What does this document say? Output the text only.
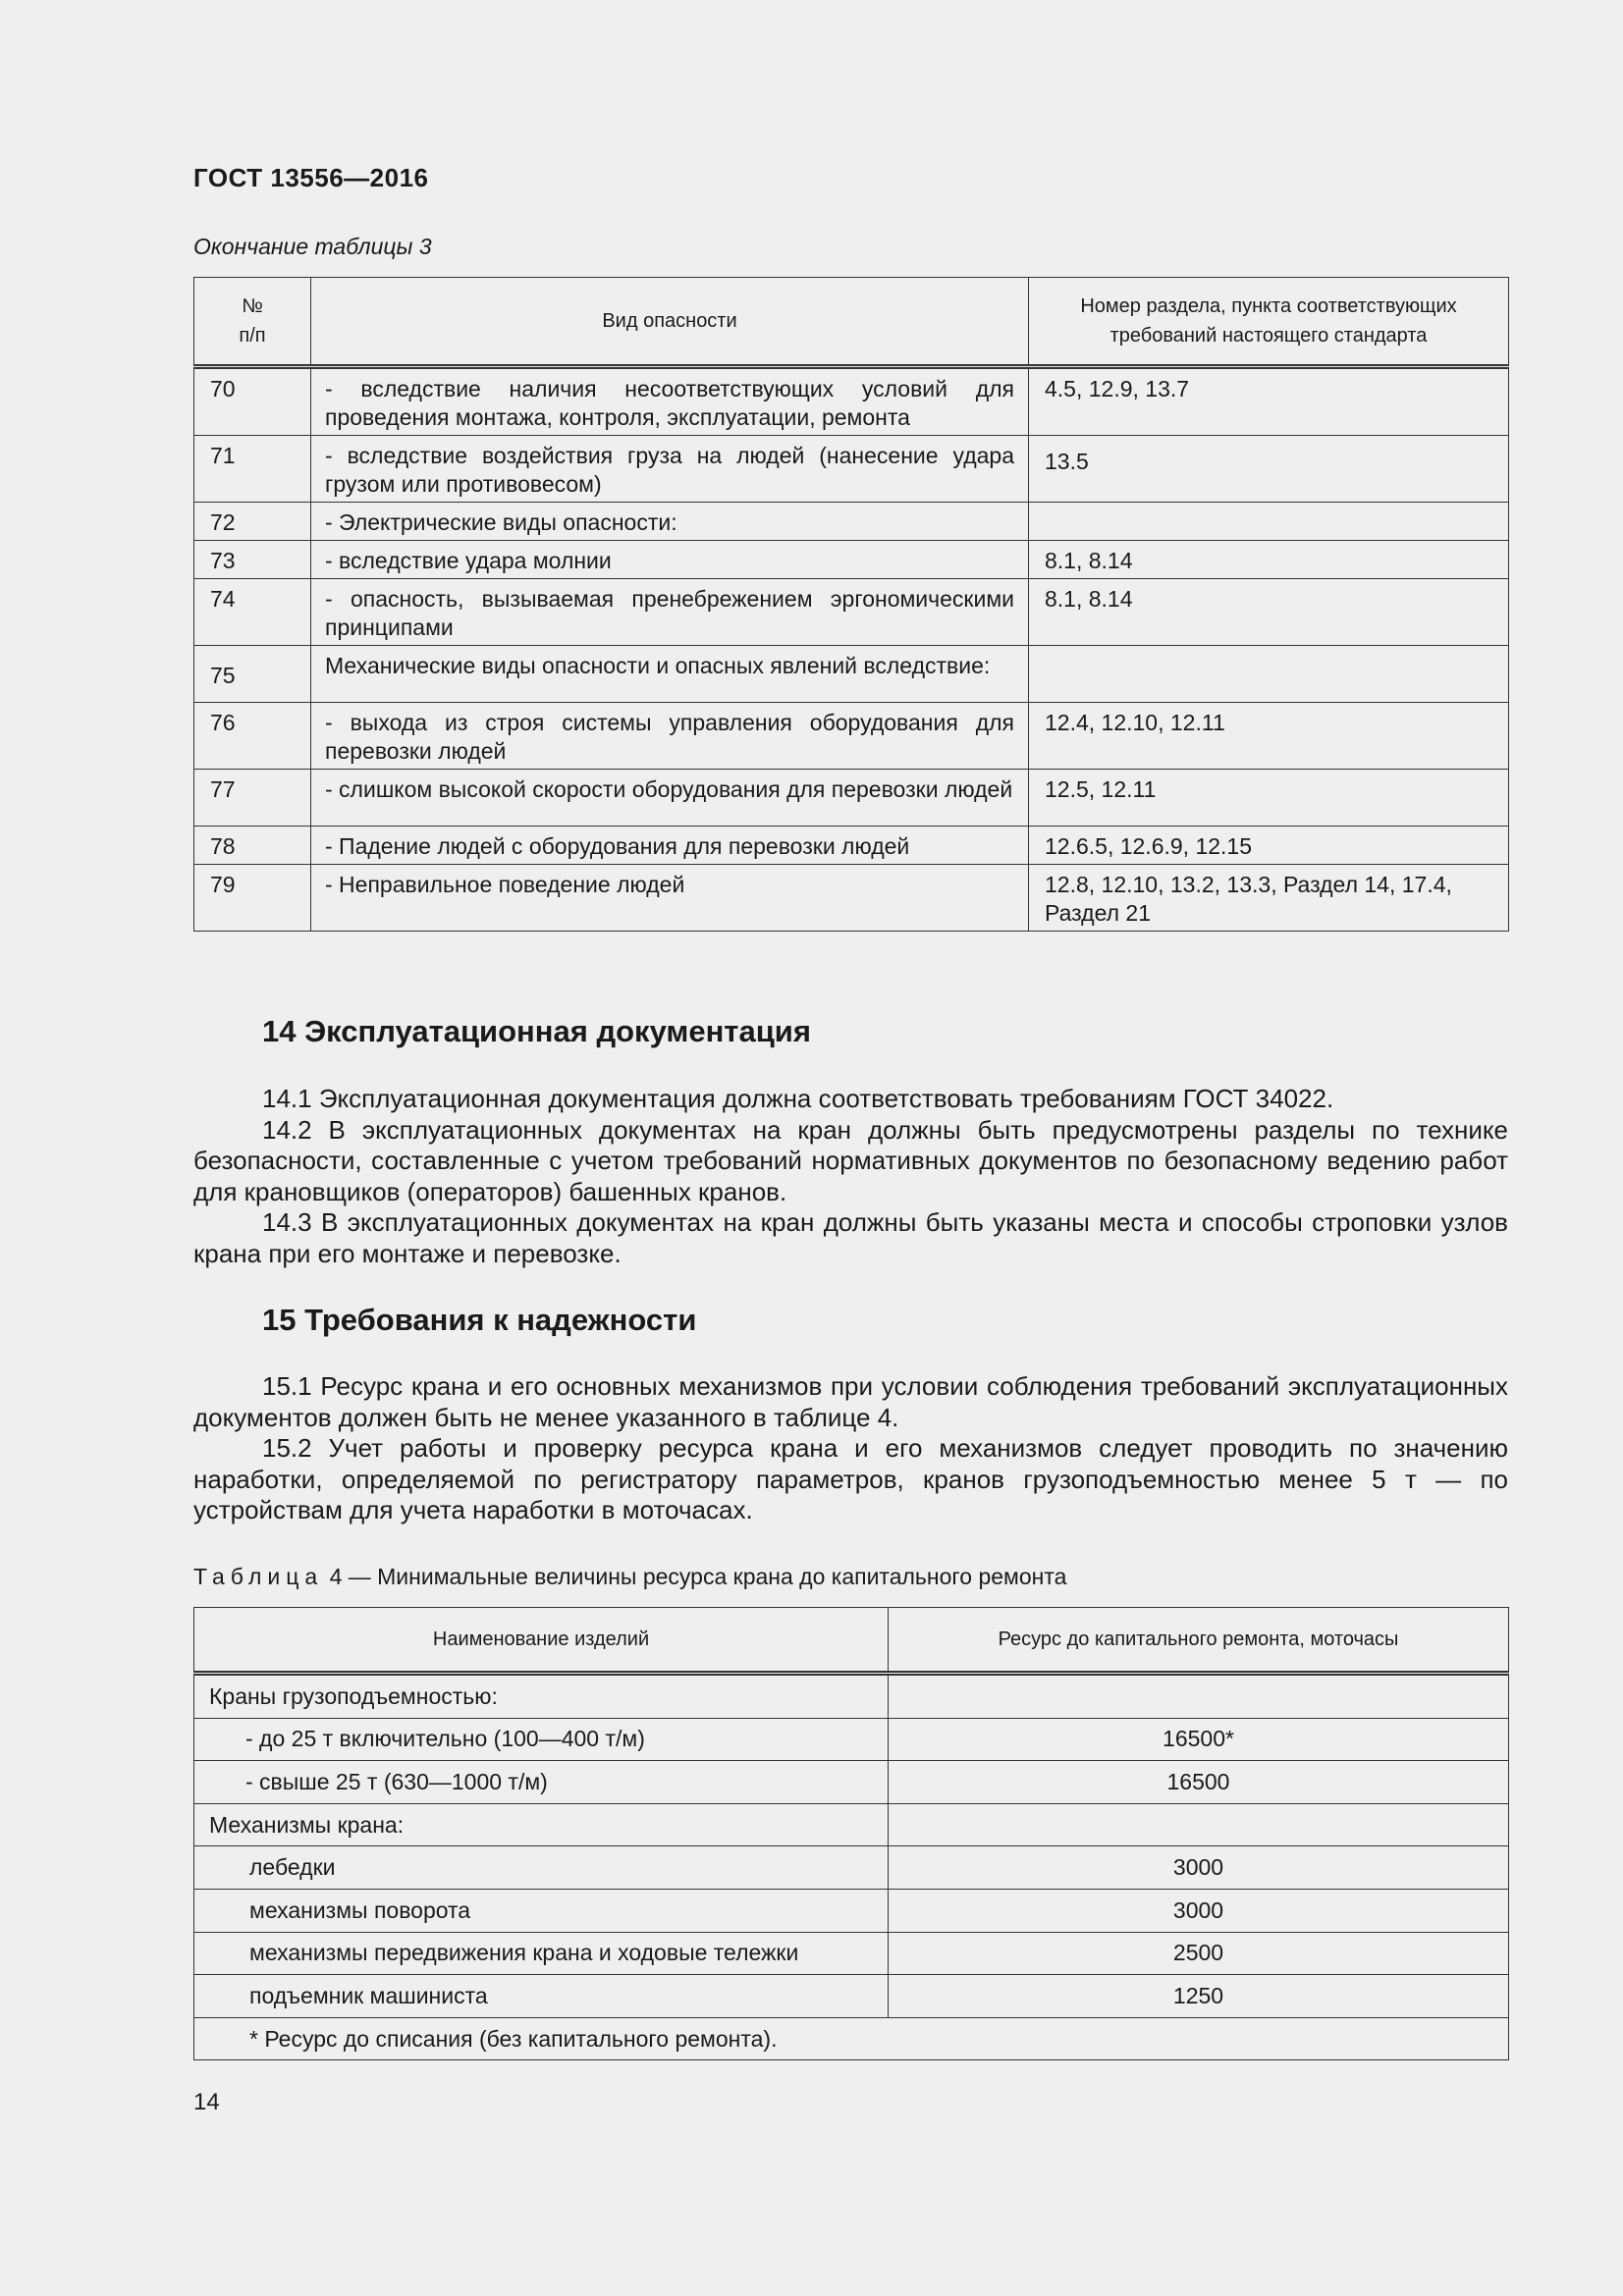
ГОСТ 13556—2016
Окончание таблицы 3
№ п/п	Вид опасности	Номер раздела, пункта соответствующих требований настоящего стандарта
70	- вследствие наличия несоответствующих условий для проведения монтажа, контроля, эксплуатации, ремонта	4.5, 12.9, 13.7
71	- вследствие воздействия груза на людей (нанесение удара грузом или противовесом)	13.5
72	- Электрические виды опасности:	
73	- вследствие удара молнии	8.1, 8.14
74	- опасность, вызываемая пренебрежением эргономическими принципами	8.1, 8.14
75	Механические виды опасности и опасных явлений вследствие:	
76	- выхода из строя системы управления оборудования для перевозки людей	12.4, 12.10, 12.11
77	- слишком высокой скорости оборудования для перевозки людей	12.5, 12.11
78	- Падение людей с оборудования для перевозки людей	12.6.5, 12.6.9, 12.15
79	- Неправильное поведение людей	12.8, 12.10, 13.2, 13.3, Раздел 14, 17.4, Раздел 21
14 Эксплуатационная документация

14.1 Эксплуатационная документация должна соответствовать требованиям ГОСТ 34022.

14.2 В эксплуатационных документах на кран должны быть предусмотрены разделы по технике безопасности, составленные с учетом требований нормативных документов по безопасному ведению работ для крановщиков (операторов) башенных кранов.

14.3 В эксплуатационных документах на кран должны быть указаны места и способы строповки узлов крана при его монтаже и перевозке.

15 Требования к надежности

15.1 Ресурс крана и его основных механизмов при условии соблюдения требований эксплуатационных документов должен быть не менее указанного в таблице 4.

15.2 Учет работы и проверку ресурса крана и его механизмов следует проводить по значению наработки, определяемой по регистратору параметров, кранов грузоподъемностью менее 5 т — по устройствам для учета наработки в моточасах.

Таблица 4 — Минимальные величины ресурса крана до капитального ремонта
Наименование изделий	Ресурс до капитального ремонта, моточасы
Краны грузоподъемностью:	
- до 25 т включительно (100—400 т/м)	16500*
- свыше 25 т (630—1000 т/м)	16500
Механизмы крана:	
лебедки	3000
механизмы поворота	3000
механизмы передвижения крана и ходовые тележки	2500
подъемник машиниста	1250
* Ресурс до списания (без капитального ремонта).	
14
